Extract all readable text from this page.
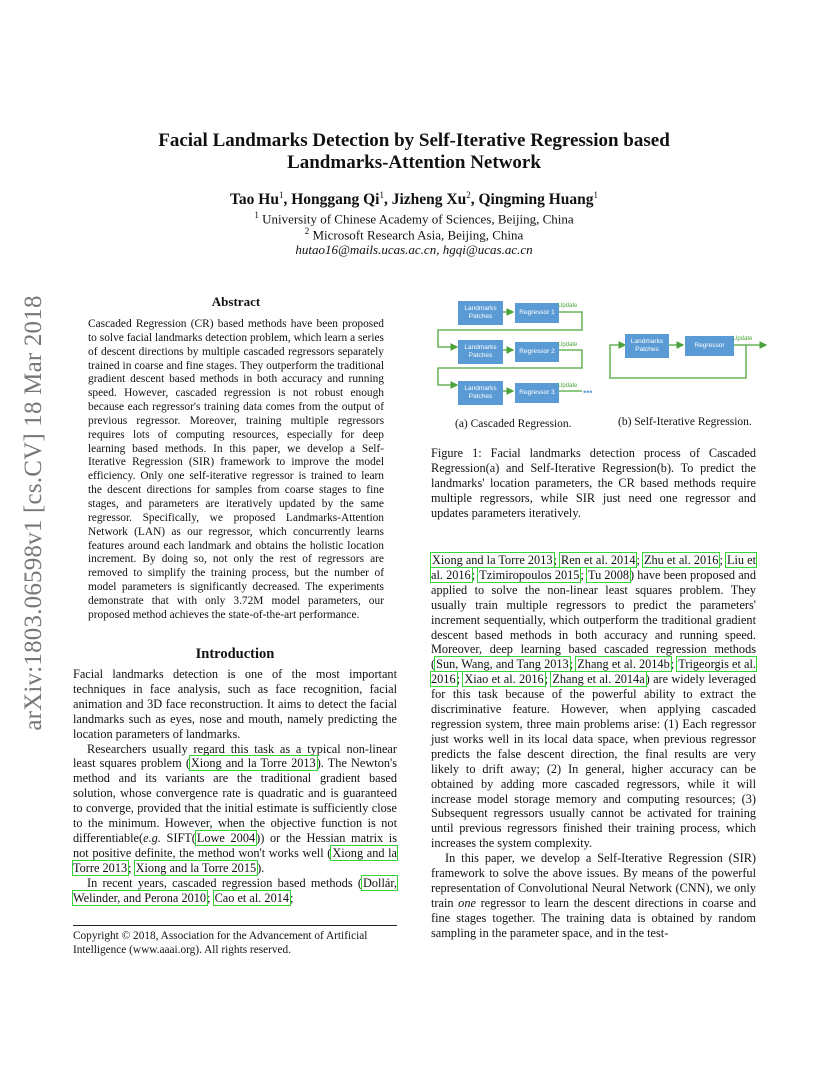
arXiv:1803.06598v1 [cs.CV] 18 Mar 2018
Facial Landmarks Detection by Self-Iterative Regression based
Landmarks-Attention Network
Tao Hu$^1$, Honggang Qi$^1$, Jizheng Xu$^2$, Qingming Huang$^1$
$^1$ University of Chinese Academy of Sciences, Beijing, China
$^2$ Microsoft Research Asia, Beijing, China
hutao16@mails.ucas.ac.cn, hgqi@ucas.ac.cn
Abstract
Cascaded Regression (CR) based methods have been proposed to solve facial landmarks detection problem, which learn a series of descent directions by multiple cascaded regressors separately trained in coarse and fine stages. They outperform the traditional gradient descent based methods in both accuracy and running speed. However, cascaded regression is not robust enough because each regressor's training data comes from the output of previous regressor. Moreover, training multiple regressors requires lots of computing resources, especially for deep learning based methods. In this paper, we develop a Self-Iterative Regression (SIR) framework to improve the model efficiency. Only one self-iterative regressor is trained to learn the descent directions for samples from coarse stages to fine stages, and parameters are iteratively updated by the same regressor. Specifically, we proposed Landmarks-Attention Network (LAN) as our regressor, which concurrently learns features around each landmark and obtains the holistic location increment. By doing so, not only the rest of regressors are removed to simplify the training process, but the number of model parameters is significantly decreased. The experiments demonstrate that with only 3.72M model parameters, our proposed method achieves the state-of-the-art performance.
Introduction

Facial landmarks detection is one of the most important techniques in face analysis, such as face recognition, facial animation and 3D face reconstruction. It aims to detect the facial landmarks such as eyes, nose and mouth, namely predicting the location parameters of landmarks.

Researchers usually regard this task as a typical non-linear least squares problem (Xiong and la Torre 2013). The Newton's method and its variants are the traditional gradient based solution, whose convergence rate is quadratic and is guaranteed to converge, provided that the initial estimate is sufficiently close to the minimum. However, when the objective function is not differentiable(e.g. SIFT(Lowe 2004)) or the Hessian matrix is not positive definite, the method won't works well (Xiong and la Torre 2013; Xiong and la Torre 2015).

In recent years, cascaded regression based methods (Dollár, Welinder, and Perona 2010; Cao et al. 2014;

Copyright © 2018, Association for the Advancement of Artificial Intelligence (www.aaai.org). All rights reserved.
Landmarks Patches
Regressor 1
Update
Landmarks Patches
Regressor 2
Update
Landmarks Patches
Regressor 3
Update
•••
Landmarks Patches
Regressor
Update
(a) Cascaded Regression.	(b) Self-Iterative Regression.
Figure 1: Facial landmarks detection process of Cascaded Regression(a) and Self-Iterative Regression(b). To predict the landmarks' location parameters, the CR based methods require multiple regressors, while SIR just need one regressor and updates parameters iteratively.

Xiong and la Torre 2013; Ren et al. 2014; Zhu et al. 2016; Liu et al. 2016; Tzimiropoulos 2015; Tu 2008) have been proposed and applied to solve the non-linear least squares problem. They usually train multiple regressors to predict the parameters' increment sequentially, which outperform the traditional gradient descent based methods in both accuracy and running speed. Moreover, deep learning based cascaded regression methods (Sun, Wang, and Tang 2013; Zhang et al. 2014b; Trigeorgis et al. 2016; Xiao et al. 2016; Zhang et al. 2014a) are widely leveraged for this task because of the powerful ability to extract the discriminative feature. However, when applying cascaded regression system, three main problems arise: (1) Each regressor just works well in its local data space, when previous regressor predicts the false descent direction, the final results are very likely to drift away; (2) In general, higher accuracy can be obtained by adding more cascaded regressors, while it will increase model storage memory and computing resources; (3) Subsequent regressors usually cannot be activated for training until previous regressors finished their training process, which increases the system complexity.

In this paper, we develop a Self-Iterative Regression (SIR) framework to solve the above issues. By means of the powerful representation of Convolutional Neural Network (CNN), we only train one regressor to learn the descent directions in coarse and fine stages together. The training data is obtained by random sampling in the parameter space, and in the test-
